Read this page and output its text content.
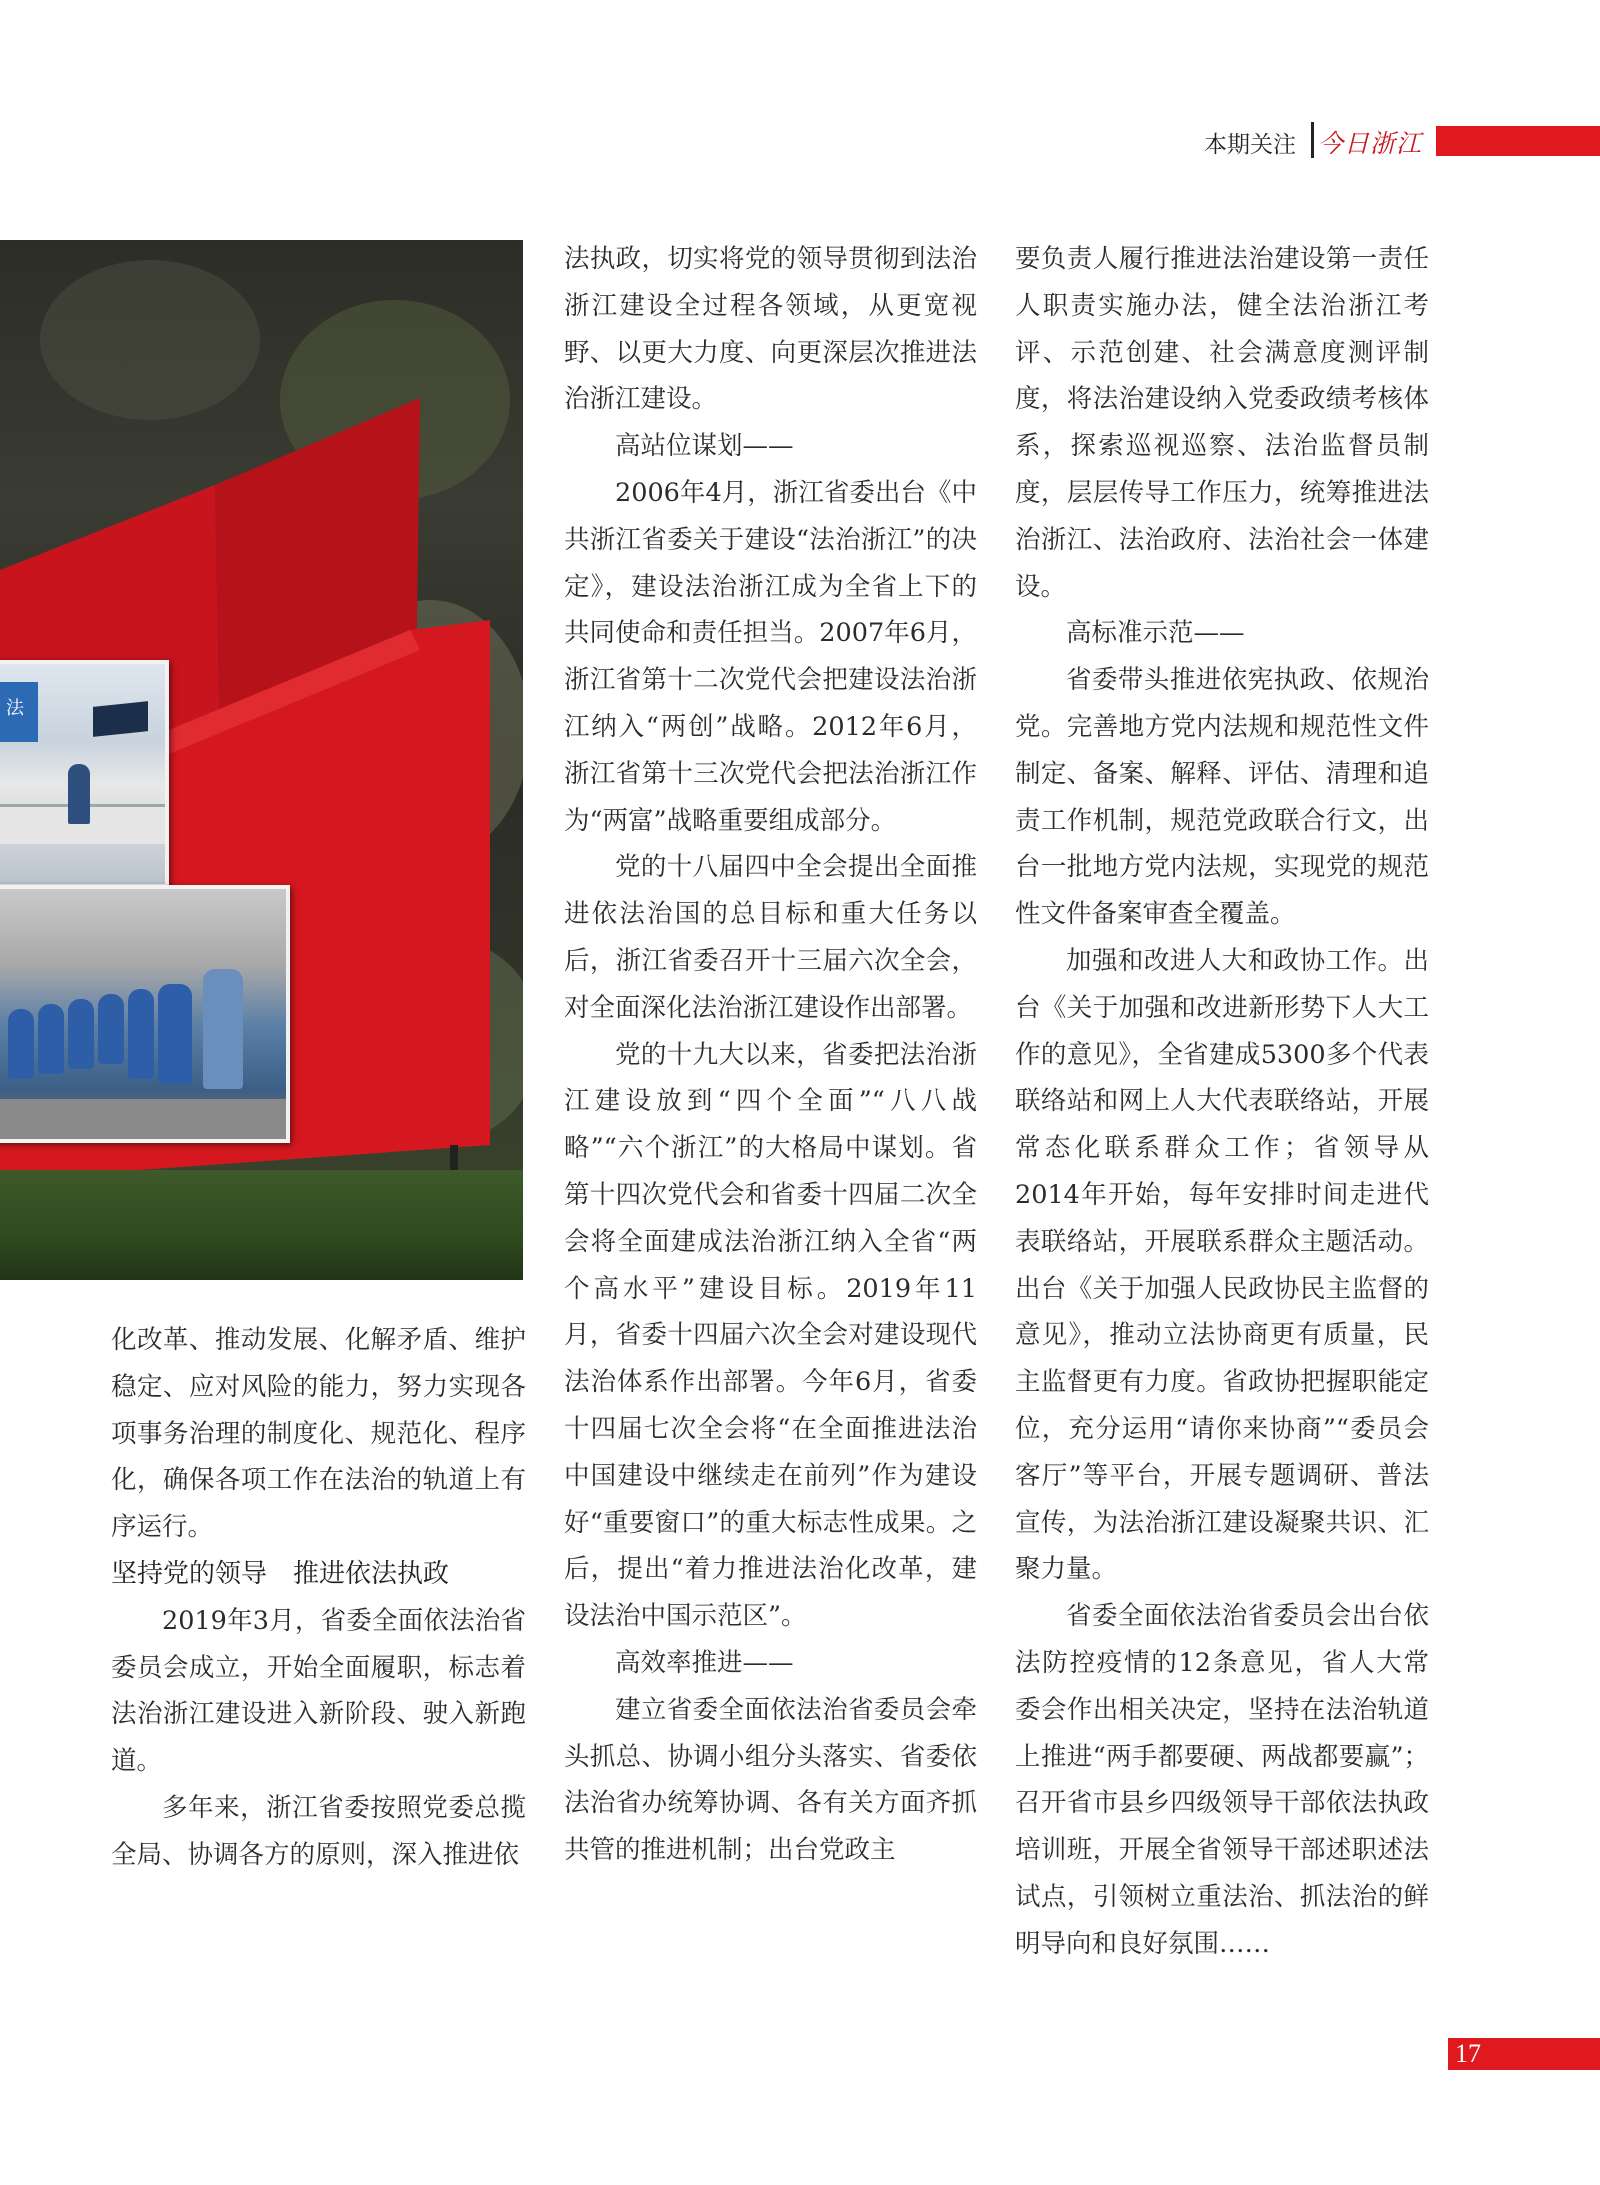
本期关注 今日浙江
法

化改革、推动发展、化解矛盾、维护稳定、应对风险的能力，努力实现各项事务治理的制度化、规范化、程序化，确保各项工作在法治的轨道上有序运行。

坚持党的领导　推进依法执政

2019年3月，省委全面依法治省委员会成立，开始全面履职，标志着法治浙江建设进入新阶段、驶入新跑道。

多年来，浙江省委按照党委总揽全局、协调各方的原则，深入推进依

法执政，切实将党的领导贯彻到法治浙江建设全过程各领域，从更宽视野、以更大力度、向更深层次推进法治浙江建设。

高站位谋划——

2006年4月，浙江省委出台《中共浙江省委关于建设“法治浙江”的决定》，建设法治浙江成为全省上下的共同使命和责任担当。2007年6月，浙江省第十二次党代会把建设法治浙江纳入“两创”战略。2012年6月，浙江省第十三次党代会把法治浙江作为“两富”战略重要组成部分。

党的十八届四中全会提出全面推进依法治国的总目标和重大任务以后，浙江省委召开十三届六次全会，对全面深化法治浙江建设作出部署。

党的十九大以来，省委把法治浙江建设放到“四个全面”“八八战略”“六个浙江”的大格局中谋划。省第十四次党代会和省委十四届二次全会将全面建成法治浙江纳入全省“两个高水平”建设目标。2019年11月，省委十四届六次全会对建设现代法治体系作出部署。今年6月，省委十四届七次全会将“在全面推进法治中国建设中继续走在前列”作为建设好“重要窗口”的重大标志性成果。之后，提出“着力推进法治化改革，建设法治中国示范区”。

高效率推进——

建立省委全面依法治省委员会牵头抓总、协调小组分头落实、省委依法治省办统筹协调、各有关方面齐抓共管的推进机制；出台党政主

要负责人履行推进法治建设第一责任人职责实施办法，健全法治浙江考评、示范创建、社会满意度测评制度，将法治建设纳入党委政绩考核体系，探索巡视巡察、法治监督员制度，层层传导工作压力，统筹推进法治浙江、法治政府、法治社会一体建设。

高标准示范——

省委带头推进依宪执政、依规治党。完善地方党内法规和规范性文件制定、备案、解释、评估、清理和追责工作机制，规范党政联合行文，出台一批地方党内法规，实现党的规范性文件备案审查全覆盖。

加强和改进人大和政协工作。出台《关于加强和改进新形势下人大工作的意见》，全省建成5300多个代表联络站和网上人大代表联络站，开展常态化联系群众工作；省领导从2014年开始，每年安排时间走进代表联络站，开展联系群众主题活动。出台《关于加强人民政协民主监督的意见》，推动立法协商更有质量，民主监督更有力度。省政协把握职能定位，充分运用“请你来协商”“委员会客厅”等平台，开展专题调研、普法宣传，为法治浙江建设凝聚共识、汇聚力量。

省委全面依法治省委员会出台依法防控疫情的12条意见，省人大常委会作出相关决定，坚持在法治轨道上推进“两手都要硬、两战都要赢”；召开省市县乡四级领导干部依法执政培训班，开展全省领导干部述职述法试点，引领树立重法治、抓法治的鲜明导向和良好氛围……

17
